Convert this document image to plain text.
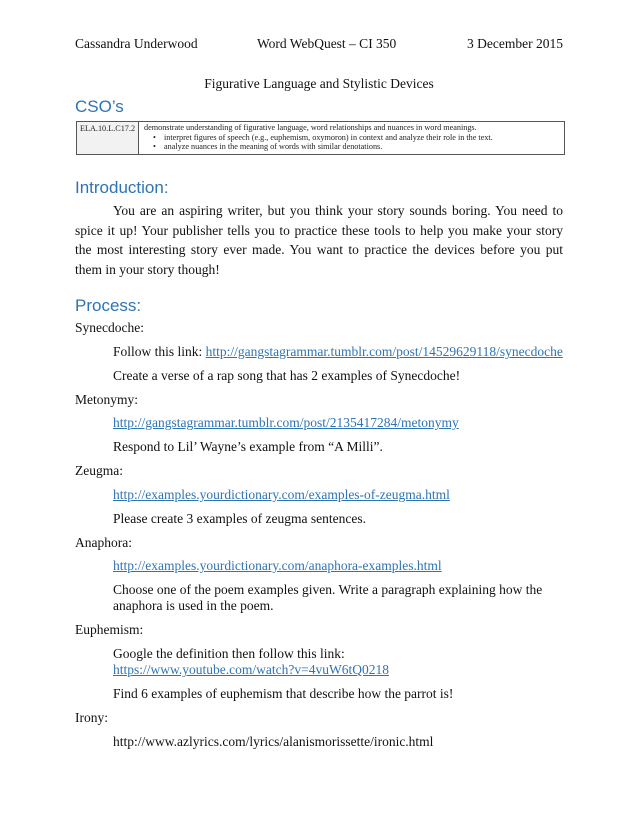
Cassandra Underwood	Word WebQuest – CI 350	3 December 2015
Figurative Language and Stylistic Devices
CSO’s
ELA.10.L.C17.2	demonstrate understanding of figurative language, word relationships and nuances in word meanings.
• interpret figures of speech (e.g., euphemism, oxymoron) in context and analyze their role in the text.
• analyze nuances in the meaning of words with similar denotations.
Introduction:

You are an aspiring writer, but you think your story sounds boring. You need to spice it up! Your publisher tells you to practice these tools to help you make your story the most interesting story ever made. You want to practice the devices before you put them in your story though!

Process:
Synecdoche:
Follow this link: http://gangstagrammar.tumblr.com/post/14529629118/synecdoche
Create a verse of a rap song that has 2 examples of Synecdoche!
Metonymy:
http://gangstagrammar.tumblr.com/post/2135417284/metonymy
Respond to Lil’ Wayne’s example from “A Milli”.
Zeugma:
http://examples.yourdictionary.com/examples-of-zeugma.html
Please create 3 examples of zeugma sentences.
Anaphora:
http://examples.yourdictionary.com/anaphora-examples.html
Choose one of the poem examples given. Write a paragraph explaining how the anaphora is used in the poem.
Euphemism:
Google the definition then follow this link:
https://www.youtube.com/watch?v=4vuW6tQ0218
Find 6 examples of euphemism that describe how the parrot is!
Irony:
http://www.azlyrics.com/lyrics/alanismorissette/ironic.html
